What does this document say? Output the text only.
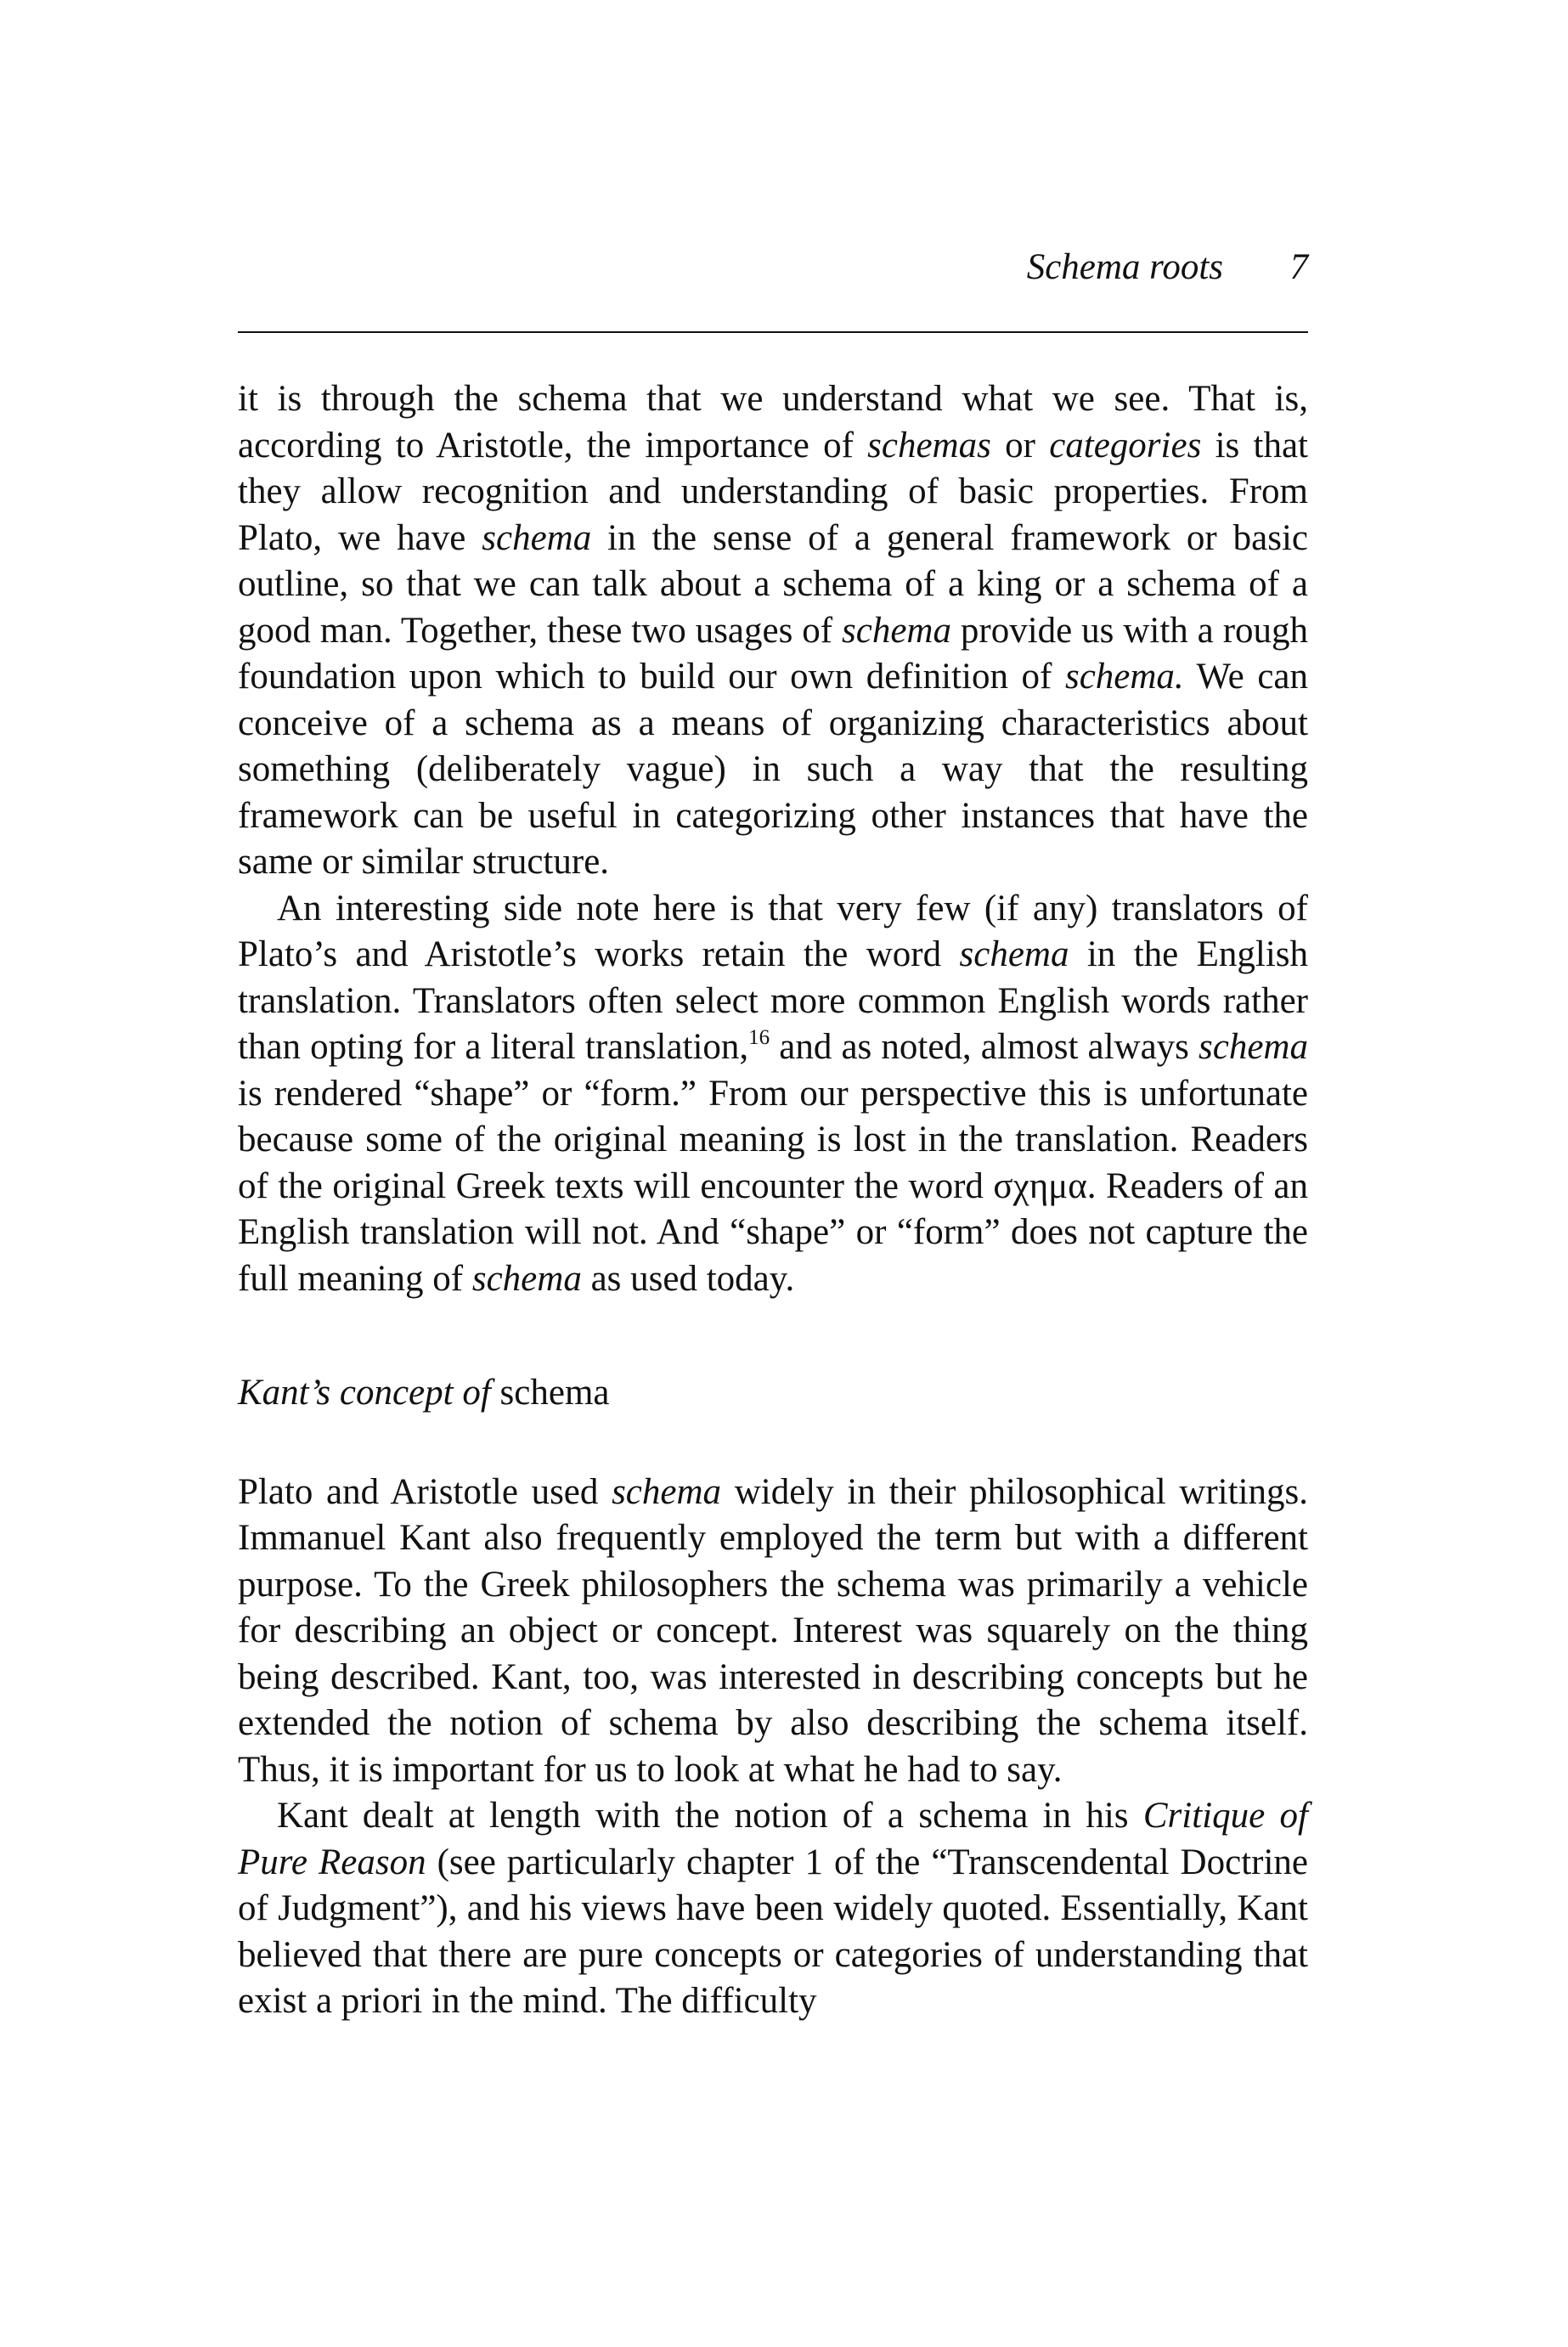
Schema roots 7

it is through the schema that we understand what we see. That is, according to Aristotle, the importance of schemas or categories is that they allow recognition and understanding of basic properties. From Plato, we have schema in the sense of a general framework or basic outline, so that we can talk about a schema of a king or a schema of a good man. Together, these two usages of schema provide us with a rough foundation upon which to build our own definition of schema. We can conceive of a schema as a means of organizing characteristics about something (deliberately vague) in such a way that the resulting framework can be useful in categorizing other instances that have the same or similar structure.

An interesting side note here is that very few (if any) translators of Plato’s and Aristotle’s works retain the word schema in the English translation. Translators often select more common English words rather than opting for a literal translation,$^{16}$ and as noted, almost always schema is rendered “shape” or “form.” From our perspective this is unfortunate because some of the original meaning is lost in the translation. Readers of the original Greek texts will encounter the word σχημα. Readers of an English translation will not. And “shape” or “form” does not capture the full meaning of schema as used today.

Kant’s concept of schema

Plato and Aristotle used schema widely in their philosophical writings. Immanuel Kant also frequently employed the term but with a different purpose. To the Greek philosophers the schema was primarily a vehicle for describing an object or concept. Interest was squarely on the thing being described. Kant, too, was interested in describing concepts but he extended the notion of schema by also describing the schema itself. Thus, it is important for us to look at what he had to say.

Kant dealt at length with the notion of a schema in his Critique of Pure Reason (see particularly chapter 1 of the “Transcendental Doctrine of Judgment”), and his views have been widely quoted. Essentially, Kant believed that there are pure concepts or categories of understanding that exist a priori in the mind. The difficulty
